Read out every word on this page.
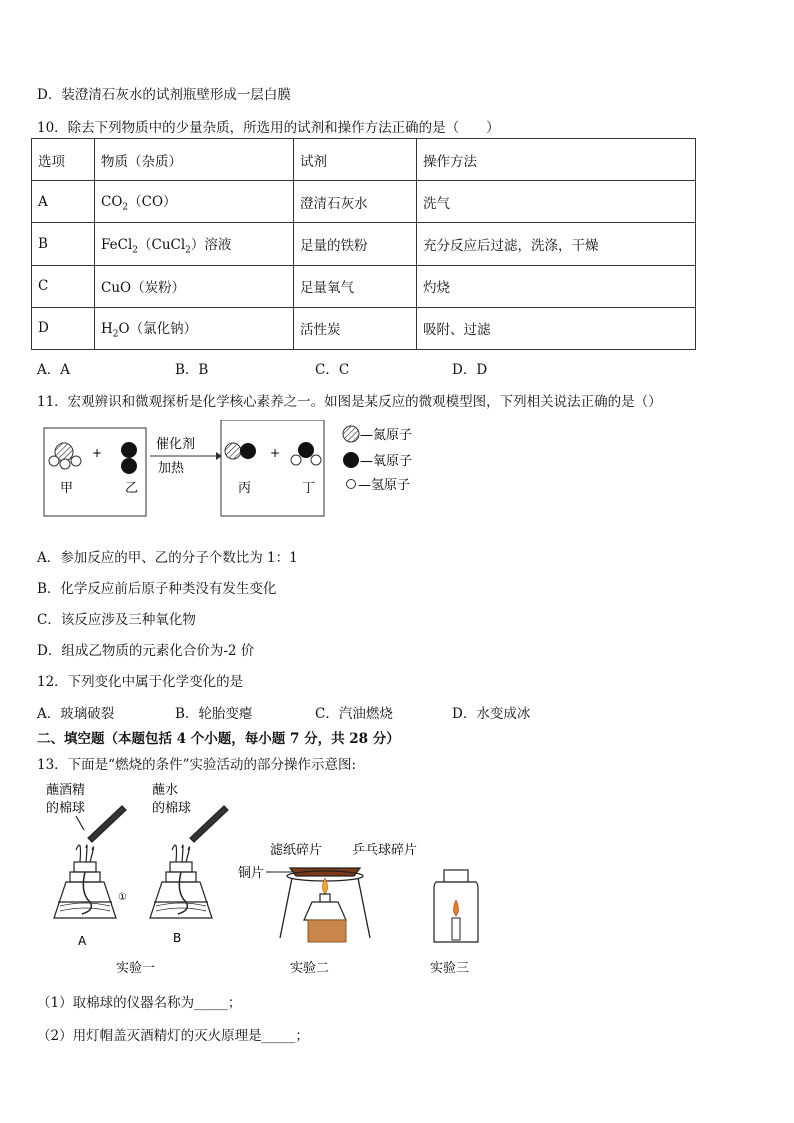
D．装澄清石灰水的试剂瓶壁形成一层白膜
10．除去下列物质中的少量杂质，所选用的试剂和操作方法正确的是（　　）
选项	物质（杂质）	试剂	操作方法
A	$CO_2(CO)$	澄清石灰水	洗气
B	FeCl$_2$（CuCl$_2$）溶液	足量的铁粉	充分反应后过滤，洗涤，干燥
C	CuO（炭粉）	足量氧气	灼烧
D	$H_2O$（氯化钠）	活性炭	吸附、过滤
A．A	B．B	C．C	D．D
11．宏观辨识和微观探析是化学核心素养之一。如图是某反应的微观模型图，下列相关说法正确的是（）
+
甲	乙
催化剂
加热
+
丙	丁
—氮原子
—氧原子
—氢原子
A．参加反应的甲、乙的分子个数比为 1：1
B．化学反应前后原子种类没有发生变化
C．该反应涉及三种氧化物
D．组成乙物质的元素化合价为-2 价
12．下列变化中属于化学变化的是
A．玻璃破裂	B．轮胎变瘪	C．汽油燃烧	D．水变成冰
二、填空题（本题包括 4 个小题，每小题 7 分，共 28 分）
13．下面是“燃烧的条件”实验活动的部分操作示意图:
蘸酒精
的棉球
蘸水
的棉球
①
A	B
实验一
滤纸碎片 乒乓球碎片
铜片
实验二	实验三
（1）取棉球的仪器名称为_____；
（2）用灯帽盖灭酒精灯的灭火原理是_____；
